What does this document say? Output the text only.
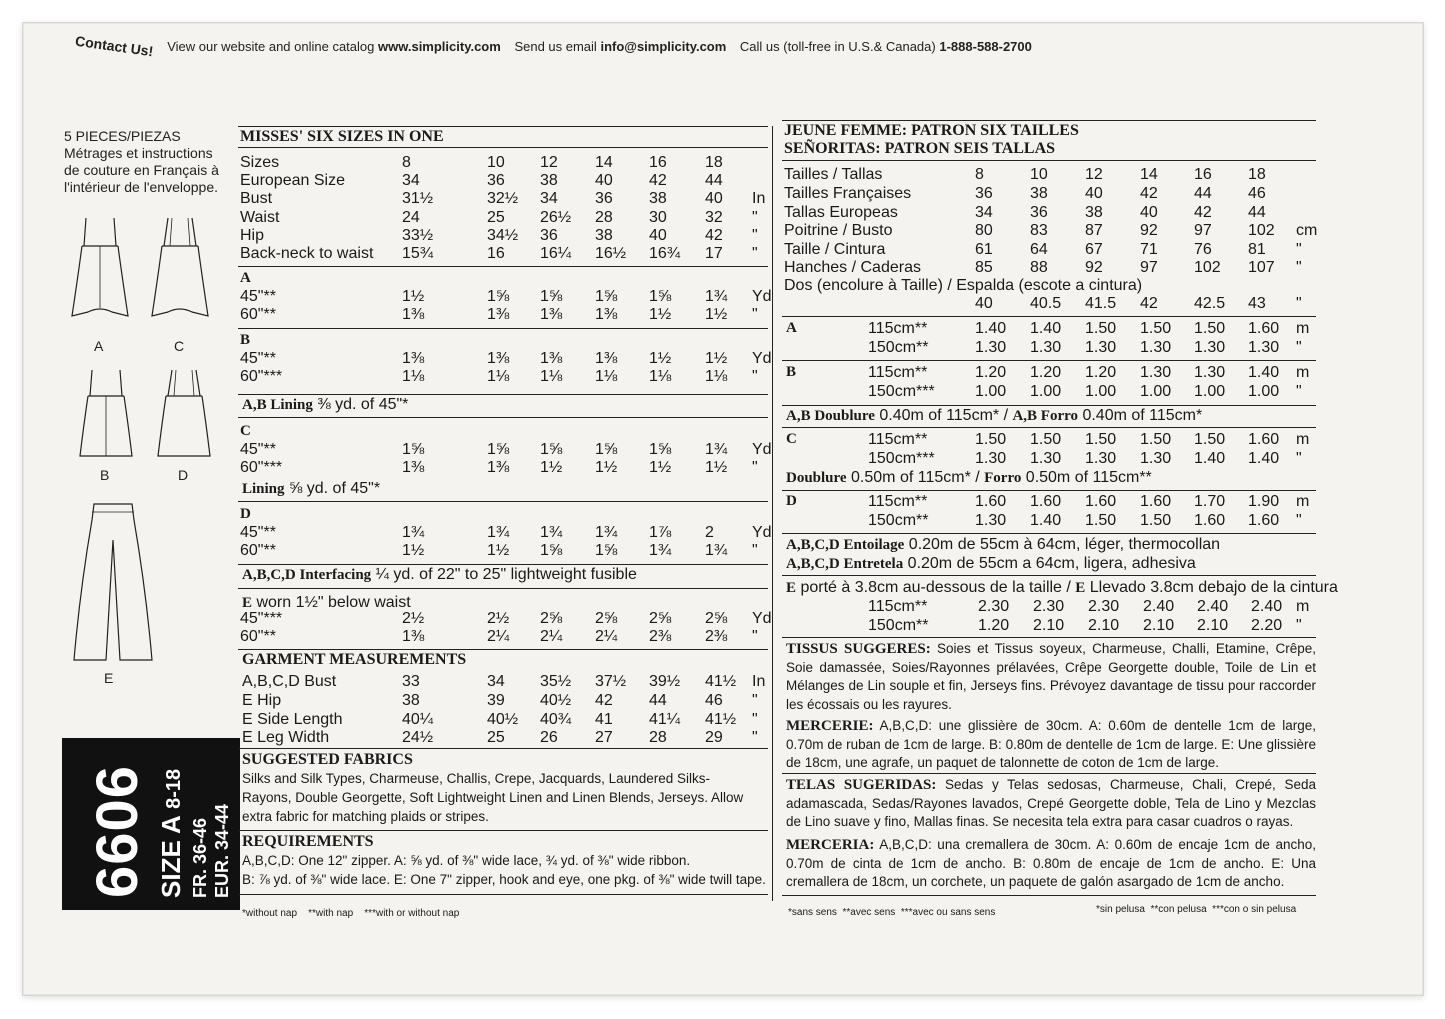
Contact Us! View our website and online catalog www.simplicity.com Send us email info@simplicity.com Call us (toll-free in U.S.& Canada) 1-888-588-2700
5 PIECES/PIEZAS
Métrages et instructions
de couture en Français à
l'intérieur de l'enveloppe.
A	C
B	D
E
6606 SIZE A 8-18
FR. 36-46 EUR. 34-44
MISSES' SIX SIZES IN ONE
Sizes	8	10 12 14 16 18
European Size	34	36 38 40 42 44
Bust	31½	32½ 34 36 38 40 In
Waist	24	25 26½ 28 30 32 "
Hip	33½	34½ 36 38 40 42 "
Back-neck to waist 15¾	16 16¼ 16½ 16¾ 17 "
A
45"**	1½	1⅝ 1⅝ 1⅝ 1⅝ 1¾ Yd
60"**	1⅜	1⅜ 1⅜ 1⅜ 1½ 1½ "
B
45"**	1⅜	1⅜ 1⅜ 1⅜ 1½ 1½ Yd
60"***	1⅛	1⅛ 1⅛ 1⅛ 1⅛ 1⅛ "
A,B Lining ⅜ yd. of 45"*
C
45"**	1⅝	1⅝ 1⅝ 1⅝ 1⅝ 1¾ Yd
60"***	1⅜	1⅜ 1½ 1½ 1½ 1½ "
Lining ⅝ yd. of 45"*
D
45"**	1¾	1¾ 1¾ 1¾ 1⅞ 2 Yd
60"**	1½	1½ 1⅝ 1⅝ 1¾ 1¾ "
A,B,C,D Interfacing ¼ yd. of 22" to 25" lightweight fusible
E worn 1½" below waist
45"***	2½	2½ 2⅝ 2⅝ 2⅝ 2⅝ Yd
60"**	1⅜	2¼ 2¼ 2¼ 2⅜ 2⅜ "
GARMENT MEASUREMENTS
A,B,C,D Bust	33	34 35½ 37½ 39½ 41½ In
E Hip	38	39 40½ 42 44 46 "
E Side Length	40¼	40½ 40¾ 41 41¼ 41½ "
E Leg Width	24½	25 26 27 28 29 "
SUGGESTED FABRICS
Silks and Silk Types, Charmeuse, Challis, Crepe, Jacquards, Laundered Silks-
Rayons, Double Georgette, Soft Lightweight Linen and Linen Blends, Jerseys. Allow
extra fabric for matching plaids or stripes.
REQUIREMENTS
A,B,C,D: One 12" zipper. A: ⅝ yd. of ⅜" wide lace, ¾ yd. of ⅜" wide ribbon.
B: ⅞ yd. of ⅜" wide lace. E: One 7" zipper, hook and eye, one pkg. of ⅜" wide twill tape.
*without nap    **with nap    ***with or without nap
JEUNE FEMME: PATRON SIX TAILLES
SEÑORITAS: PATRON SEIS TALLAS
Tailles / Tallas	8	10 12 14 16 18
Tailles Françaises	36 38 40 42 44 46
Tallas Europeas	34 36 38 40 42 44
Poitrine / Busto	80 83 87 92 97 102 cm
Taille / Cintura	61 64 67 71 76 81 "
Hanches / Caderas	85 88 92 97 102 107 "
Dos (encolure à Taille) / Espalda (escote a cintura)
40 40.5 41.5 42 42.5 43 "
A	115cm**	1.40 1.40 1.50 1.50 1.50 1.60 m
150cm**	1.30 1.30 1.30 1.30 1.30 1.30 "
B	115cm**	1.20 1.20 1.20 1.30 1.30 1.40 m
150cm***	1.00 1.00 1.00 1.00 1.00 1.00 "
A,B Doublure 0.40m of 115cm* / A,B Forro 0.40m of 115cm*
C	115cm**	1.50 1.50 1.50 1.50 1.50 1.60 m
150cm***	1.30 1.30 1.30 1.30 1.40 1.40 "
Doublure 0.50m of 115cm* / Forro 0.50m of 115cm**
D	115cm**	1.60 1.60 1.60 1.60 1.70 1.90 m
150cm**	1.30 1.40 1.50 1.50 1.60 1.60 "
A,B,C,D Entoilage 0.20m de 55cm à 64cm, léger, thermocollan
A,B,C,D Entretela 0.20m de 55cm a 64cm, ligera, adhesiva
E porté à 3.8cm au-dessous de la taille / E Llevado 3.8cm debajo de la cintura
115cm**	2.30 2.30 2.30 2.40 2.40 2.40 m
150cm**	1.20 2.10 2.10 2.10 2.10 2.20 "
TISSUS SUGGERES: Soies et Tissus soyeux, Charmeuse, Challi, Etamine, Crêpe, Soie damassée, Soies/Rayonnes prélavées, Crêpe Georgette double, Toile de Lin et Mélanges de Lin souple et fin, Jerseys fins. Prévoyez davantage de tissu pour raccorder les écossais ou les rayures.
MERCERIE: A,B,C,D: une glissière de 30cm. A: 0.60m de dentelle 1cm de large, 0.70m de ruban de 1cm de large. B: 0.80m de dentelle de 1cm de large. E: Une glissière de 18cm, une agrafe, un paquet de talonnette de coton de 1cm de large.
TELAS SUGERIDAS: Sedas y Telas sedosas, Charmeuse, Chali, Crepé, Seda adamascada, Sedas/Rayones lavados, Crepé Georgette doble, Tela de Lino y Mezclas de Lino suave y fino, Mallas finas. Se necesita tela extra para casar cuadros o rayas.
MERCERIA: A,B,C,D: una cremallera de 30cm. A: 0.60m de encaje 1cm de ancho, 0.70m de cinta de 1cm de ancho. B: 0.80m de encaje de 1cm de ancho. E: Una cremallera de 18cm, un corchete, un paquete de galón asargado de 1cm de ancho.
*sans sens  **avec sens  ***avec ou sans sens	*sin pelusa  **con pelusa  ***con o sin pelusa
